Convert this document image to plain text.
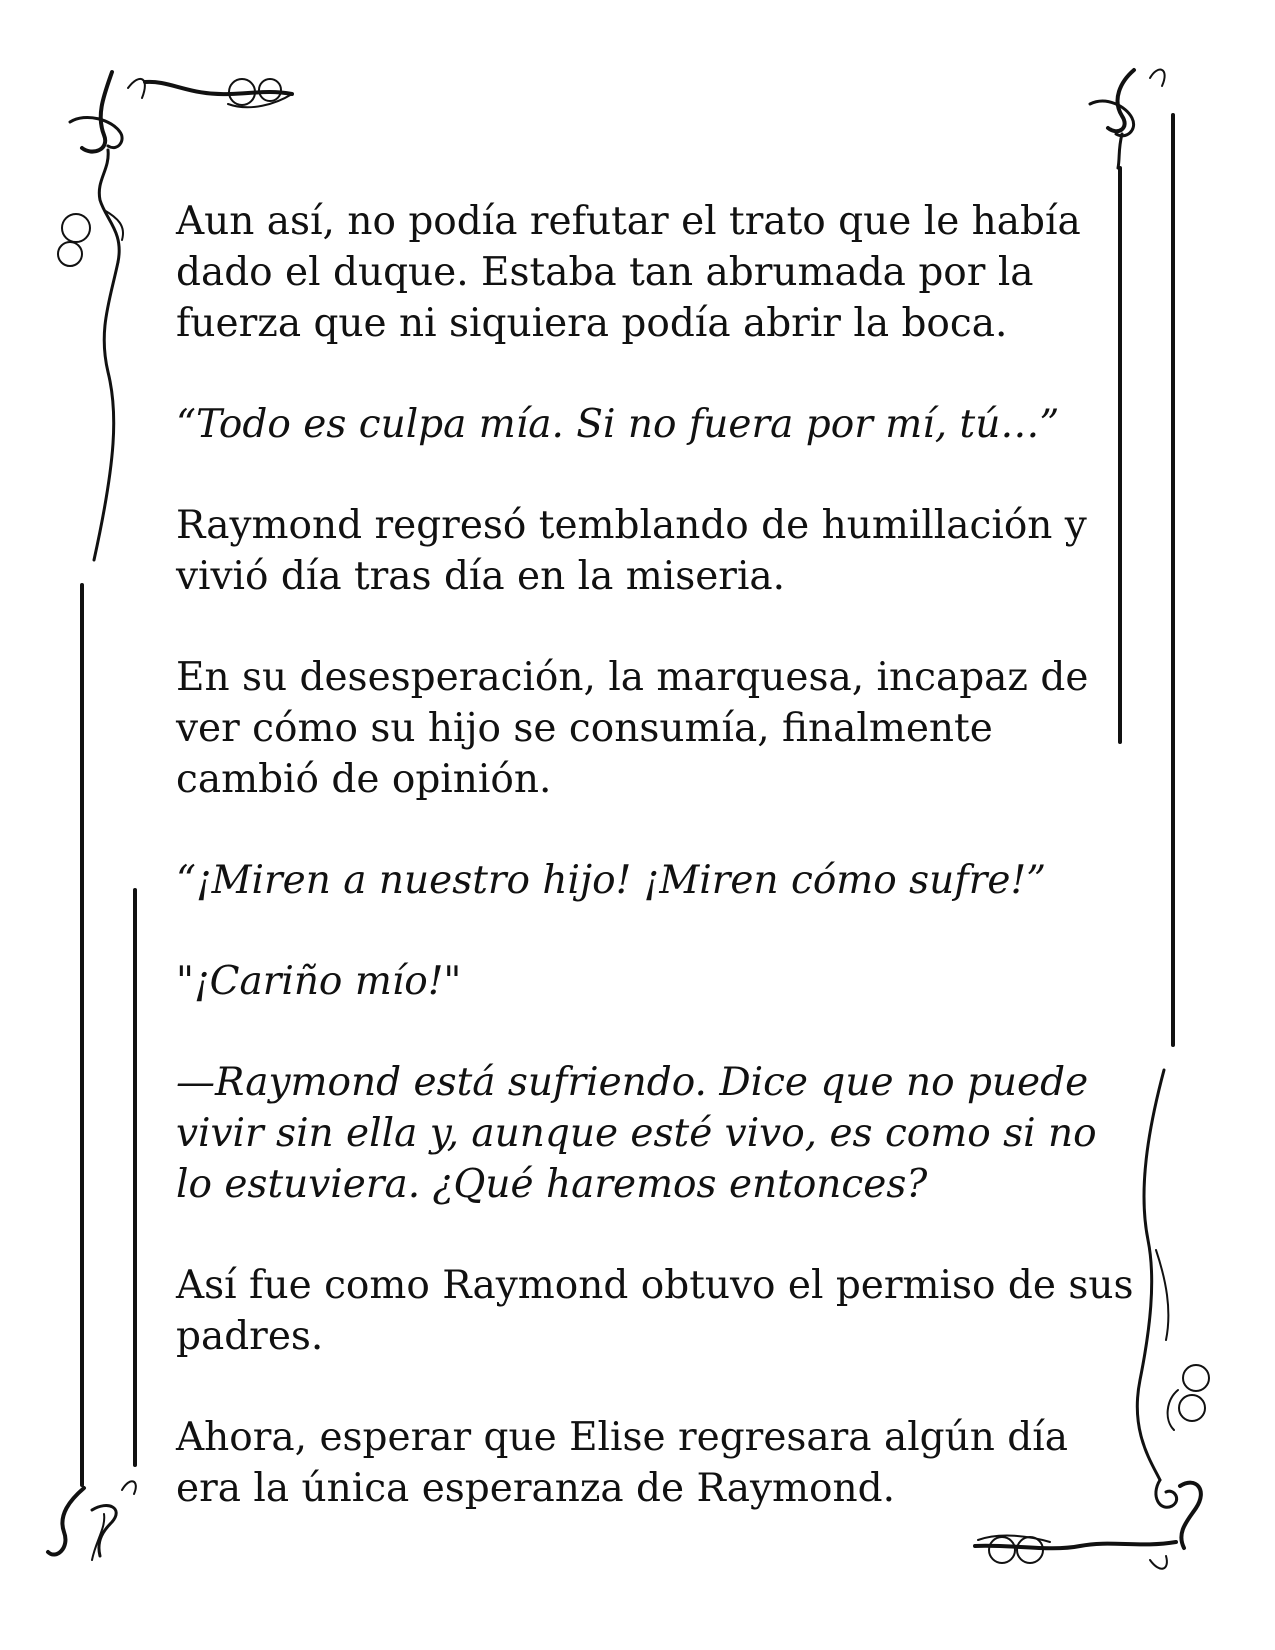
Aun así, no podía refutar el trato que le había
dado el duque. Estaba tan abrumada por la
fuerza que ni siquiera podía abrir la boca.

“Todo es culpa mía. Si no fuera por mí, tú…”

Raymond regresó temblando de humillación y
vivió día tras día en la miseria.

En su desesperación, la marquesa, incapaz de
ver cómo su hijo se consumía, finalmente
cambió de opinión.

“¡Miren a nuestro hijo! ¡Miren cómo sufre!”

"¡Cariño mío!"

—Raymond está sufriendo. Dice que no puede
vivir sin ella y, aunque esté vivo, es como si no
lo estuviera. ¿Qué haremos entonces?

Así fue como Raymond obtuvo el permiso de sus
padres.

Ahora, esperar que Elise regresara algún día
era la única esperanza de Raymond.
